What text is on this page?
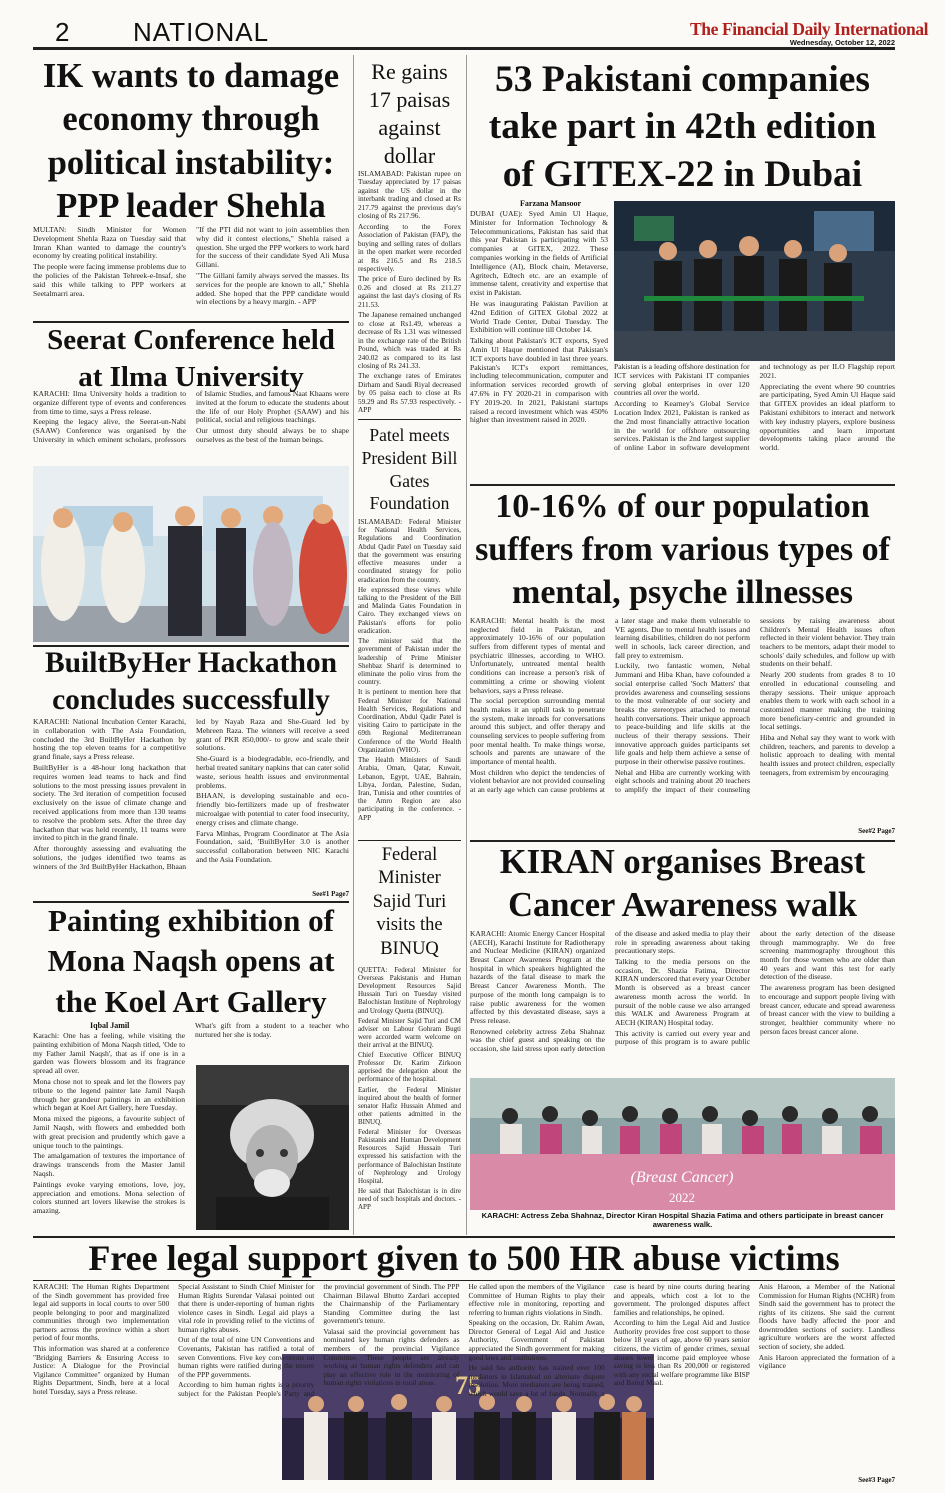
2 NATIONAL	The Financial Daily International
Wednesday, October 12, 2022
IK wants to damage economy through political instability: PPP leader Shehla

MULTAN: Sindh Minister for Women Development Shehla Raza on Tuesday said that Imran Khan wanted to damage the country's economy by creating political instability.

The people were facing immense problems due to the policies of the Pakistan Tehreek-e-Insaf, she said this while talking to PPP workers at Seetalmarri area.

"If the PTI did not want to join assemblies then why did it contest elections," Shehla raised a question. She urged the PPP workers to work hard for the success of their candidate Syed Ali Musa Gillani.

"The Gillani family always served the masses. Its services for the people are known to all," Shehla added. She hoped that the PPP candidate would win elections by a heavy margin. - APP

Seerat Conference held at Ilma University

KARACHI: Ilma University holds a tradition to organize different type of events and conferences from time to time, says a Press release.

Keeping the legacy alive, the Seerat-un-Nabi (SAAW) Conference was organised by the University in which eminent scholars, professors of Islamic Studies, and famous Naat Khaans were invited at the forum to educate the students about the life of our Holy Prophet (SAAW) and his political, social and religious teachings.

Our utmost duty should always be to shape ourselves as the best of the human beings.

BuiltByHer Hackathon concludes successfully

KARACHI: National Incubation Center Karachi, in collaboration with The Asia Foundation, concluded the 3rd BuiltByHer Hackathon by hosting the top eleven teams for a competitive grand finale, says a Press release.

BuiltByHer is a 48-hour long hackathon that requires women lead teams to hack and find solutions to the most pressing issues prevalent in society. The 3rd iteration of competition focused exclusively on the issue of climate change and received applications from more than 130 teams to resolve the problem sets. After the three day hackathon that was held recently, 11 teams were invited to pitch in the grand finale.

After thoroughly assessing and evaluating the solutions, the judges identified two teams as winners of the 3rd BuiltByHer Hackathon, Bhaan led by Nayab Raza and She-Guard led by Mehreen Raza. The winners will receive a seed grant of PKR 850,000/- to grow and scale their solutions.

She-Guard is a biodegradable, eco-friendly, and herbal treated sanitary napkins that can cater solid waste, serious health issues and environmental problems.

BHAAN, is developing sustainable and eco-friendly bio-fertilizers made up of freshwater microalgae with potential to cater food insecurity, energy crises and climate change.

Farva Minhas, Program Coordinator at The Asia Foundation, said, 'BuiltByHer 3.0 is another successful collaboration between NIC Karachi and the Asia Foundation.

See#1 Page7
Painting exhibition of Mona Naqsh opens at the Koel Art Gallery
Iqbal Jamil

Karachi: One has a feeling, while visiting the painting exhibition of Mona Naqsh titled, 'Ode to my Father Jamil Naqsh', that as if one is in a garden was flowers blossom and its fragrance spread all over.

Mona chose not to speak and let the flowers pay tribute to the legend painter late Jamil Naqsh through her grandeur paintings in an exhibition which began at Koel Art Gallery, here Tuesday.

Mona mixed the pigeons, a favourite subject of Jamil Naqsh, with flowers and embedded both with great precision and prudently which gave a unique touch to the paintings.

The amalgamation of textures the importance of drawings transcends from the Master Jamil Naqsh.

Paintings evoke varying emotions, love, joy, appreciation and emotions. Mona selection of colors stunned art lovers likewise the strokes is amazing.

What's gift from a student to a teacher who nurtured her she is today.

Re gains 17 paisas against dollar

ISLAMABAD: Pakistan rupee on Tuesday appreciated by 17 paisas against the US dollar in the interbank trading and closed at Rs 217.79 against the previous day's closing of Rs 217.96.

According to the Forex Association of Pakistan (FAP), the buying and selling rates of dollars in the open market were recorded at Rs 216.5 and Rs 218.5 respectively.

The price of Euro declined by Rs 0.26 and closed at Rs 211.27 against the last day's closing of Rs 211.53.

The Japanese remained unchanged to close at Rs1.49, whereas a decrease of Rs 1.31 was witnessed in the exchange rate of the British Pound, which was traded at Rs 240.02 as compared to its last closing of Rs 241.33.

The exchange rates of Emirates Dirham and Saudi Riyal decreased by 05 paisa each to close at Rs 59.29 and Rs 57.93 respectively. - APP

Patel meets President Bill Gates Foundation

ISLAMABAD: Federal Minister for National Health Services, Regulations and Coordination Abdul Qadir Patel on Tuesday said that the government was ensuring effective measures under a coordinated strategy for polio eradication from the country.

He expressed these views while talking to the President of the Bill and Malinda Gates Foundation in Cairo. They exchanged views on Pakistan's efforts for polio eradication.

The minister said that the government of Pakistan under the leadership of Prime Minister Shehbaz Sharif is determined to eliminate the polio virus from the country.

It is pertinent to mention here that Federal Minister for National Health Services, Regulations and Coordination, Abdul Qadir Patel is visiting Cairo to participate in the 69th Regional Mediterranean Conference of the World Health Organization (WHO).

The Health Ministers of Saudi Arabia, Oman, Qatar, Kuwait, Lebanon, Egypt, UAE, Bahrain, Libya, Jordan, Palestine, Sudan, Iran, Tunisia and other countries of the Amro Region are also participating in the conference. - APP

Federal Minister Sajid Turi visits the BINUQ

QUETTA: Federal Minister for Overseas Pakistanis and Human Development Resources Sajid Hussain Turi on Tuesday visited Balochistan Institute of Nephrology and Urology Quetta (BINUQ).

Federal Minister Sajid Turi and CM adviser on Labour Gohram Bugti were accorded warm welcome on their arrival at the BINUQ.

Chief Executive Officer BINUQ Professor Dr. Karim Zirkoon apprised the delegation about the performance of the hospital.

Earlier, the Federal Minister inquired about the health of former senator Hafiz Hussain Ahmed and other patients admitted in the BINUQ.

Federal Minister for Overseas Pakistanis and Human Development Resources Sajid Hussain Turi expressed his satisfaction with the performance of Balochistan Institute of Nephrology and Urology Hospital.

He said that Balochistan is in dire need of such hospitals and doctors. - APP

53 Pakistani companies take part in 42th edition of GITEX-22 in Dubai
Farzana Mansoor

DUBAI (UAE): Syed Amin Ul Haque, Minister for Information Technology & Telecommunications, Pakistan has said that this year Pakistan is participating with 53 companies at GITEX, 2022. These companies working in the fields of Artificial Intelligence (AI), Block chain, Metaverse, Agritech, Edtech etc. are an example of immense talent, creativity and expertise that exist in Pakistan.

He was inaugurating Pakistan Pavilion at 42nd Edition of GITEX Global 2022 at World Trade Center, Dubai Tuesday. The Exhibition will continue till October 14.

Talking about Pakistan's ICT exports, Syed Amin Ul Haque mentioned that Pakistan's ICT exports have doubled in last three years. Pakistan's ICT's export remittances, including telecommunication, computer and information services recorded growth of 47.6% in FY 2020-21 in comparison with FY 2019-20. In 2021, Pakistani startups raised a record investment which was 450% higher than investment raised in 2020.

Pakistan is a leading offshore destination for ICT services with Pakistani IT companies serving global enterprises in over 120 countries all over the world.

According to Kearney's Global Service Location Index 2021, Pakistan is ranked as the 2nd most financially attractive location in the world for offshore outsourcing services. Pakistan is the 2nd largest supplier of online Labor in software development and technology as per ILO Flagship report 2021.

Appreciating the event where 90 countries are participating, Syed Amin Ul Haque said that GITEX provides an ideal platform to Pakistani exhibitors to interact and network with key industry players, explore business opportunities and learn important developments taking place around the world.

10-16% of our population suffers from various types of mental, psyche illnesses

KARACHI: Mental health is the most neglected field in Pakistan, and approximately 10-16% of our population suffers from different types of mental and psychiatric illnesses, according to WHO. Unfortunately, untreated mental health conditions can increase a person's risk of committing a crime or showing violent behaviors, says a Press release.

The social perception surrounding mental health makes it an uphill task to penetrate the system, make inroads for conversations around this subject, and offer therapy and counseling services to people suffering from poor mental health. To make things worse, schools and parents are unaware of the importance of mental health.

Most children who depict the tendencies of violent behavior are not provided counseling at an early age which can cause problems at a later stage and make them vulnerable to VE agents. Due to mental health issues and learning disabilities, children do not perform well in schools, lack career direction, and fall prey to extremism.

Luckily, two fantastic women, Nehal Jummani and Hiba Khan, have cofounded a social enterprise called 'Soch Matters' that provides awareness and counseling sessions to the most vulnerable of our society and breaks the stereotypes attached to mental health conversations. Their unique approach to peace-building and life skills at the nucleus of their therapy sessions. Their innovative approach guides participants set life goals and help them achieve a sense of purpose in their otherwise passive routines.

Nehal and Hiba are currently working with eight schools and training about 20 teachers to amplify the impact of their counseling sessions by raising awareness about Children's Mental Health issues often reflected in their violent behavior. They train teachers to be mentors, adapt their model to schools' daily schedules, and follow up with students on their behalf.

Nearly 200 students from grades 8 to 10 enrolled in educational counseling and therapy sessions. Their unique approach enables them to work with each school in a customized manner making the training more beneficiary-centric and grounded in local settings.

Hiba and Nehal say they want to work with children, teachers, and parents to develop a holistic approach to dealing with mental health issues and protect children, especially teenagers, from extremism by encouraging

See#2 Page7
KIRAN organises Breast Cancer Awareness walk

KARACHI: Atomic Energy Cancer Hospital (AECH), Karachi Institute for Radiotherapy and Nuclear Medicine (KIRAN) organized Breast Cancer Awareness Program at the hospital in which speakers highlighted the hazards of the fatal disease to mark the Breast Cancer Awareness Month. The purpose of the month long campaign is to raise public awareness for the women affected by this devastated disease, says a Press release.

Renowned celebrity actress Zeba Shahnaz was the chief guest and speaking on the occasion, she laid stress upon early detection of the disease and asked media to play their role in spreading awareness about taking precautionary steps.

Talking to the media persons on the occasion, Dr. Shazia Fatima, Director KIRAN underscored that every year October Month is observed as a breast cancer awareness month across the world. In pursuit of the noble cause we also arranged this WALK and Awareness Program at AECH (KIRAN) Hospital today.

This activity is carried out every year and purpose of this program is to aware public about the early detection of the disease through mammography. We do free screening mammography throughout this month for those women who are older than 40 years and want this test for early detection of the disease.

The awareness program has been designed to encourage and support people living with breast cancer, educate and spread awareness of breast cancer with the view to building a stronger, healthier community where no person faces breast cancer alone.

(Breast Cancer)
2022
KARACHI: Actress Zeba Shahnaz, Director Kiran Hospital Shazia Fatima and others participate in breast cancer awareness walk.
Free legal support given to 500 HR abuse victims
75

KARACHI: The Human Rights Department of the Sindh government has provided free legal aid supports in local courts to over 500 people belonging to poor and marginalized communities through two implementation partners across the province within a short period of four months.

This information was shared at a conference "Bridging Barriers & Ensuring Access to Justice: A Dialogue for the Provincial Vigilance Committee" organized by Human Rights Department, Sindh, here at a local hotel Tuesday, says a Press release.

Special Assistant to Sindh Chief Minister for Human Rights Surendar Valasai pointed out that there is under-reporting of human rights violence cases in Sindh. Legal aid plays a vital role in providing relief to the victims of human rights abuses.

Out of the total of nine UN Conventions and Covenants, Pakistan has ratified a total of seven Conventions. Five key conventions on human rights were ratified during the tenure of the PPP governments.

According to him human rights is a priority subject for the Pakistan People's Party and the provincial government of Sindh. The PPP Chairman Bilawal Bhutto Zardari accepted the Chairmanship of the Parliamentary Standing Committee during the last government's tenure.

Valasai said the provincial government has nominated key human rights defenders as members of the provincial Vigilance Committee. These people are already working as human rights defenders and can play an effective role in the monitoring of human rights violations in rural areas.

He called upon the members of the Vigilance Committee of Human Rights to play their effective role in monitoring, reporting and referring to human rights violations in Sindh.

Speaking on the occasion, Dr. Rahim Awan, Director General of Legal Aid and Justice Authority, Government of Pakistan appreciated the Sindh government for making good laws and institutions.

He said his authority has trained over 100 mediators in Islamabad on alternate dispute resolution. More mediators are being trained, which would save a lot of funds. Normally, a case is heard by nine courts during hearing and appeals, which cost a lot to the government. The prolonged disputes affect families and relationships, he opined.

According to him the Legal Aid and Justice Authority provides free cost support to those below 18 years of age, above 60 years senior citizens, the victim of gender crimes, sexual abuses lower income paid employee whose saving is less than Rs 200,000 or registered with any social welfare programme like BISP and Baitul Maal.

Anis Haroon, a Member of the National Commission for Human Rights (NCHR) from Sindh said the government has to protect the rights of its citizens. She said the current floods have badly affected the poor and downtrodden sections of society. Landless agriculture workers are the worst affected section of society, she added.

Anis Haroon appreciated the formation of a vigilance

See#3 Page7
